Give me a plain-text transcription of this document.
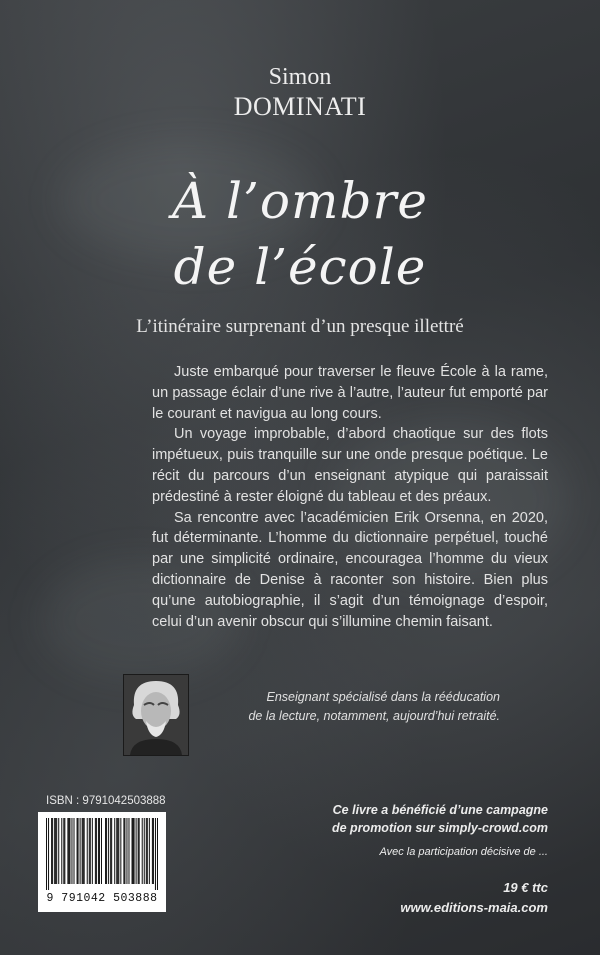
Simon
DOMINATI
À l’ombre
de l’école
L’itinéraire surprenant d’un presque illettré

Juste embarqué pour traverser le fleuve École à la rame, un passage éclair d’une rive à l’autre, l’auteur fut emporté par le courant et navigua au long cours.

Un voyage improbable, d’abord chaotique sur des flots impétueux, puis tranquille sur une onde presque poétique. Le récit du parcours d’un enseignant atypique qui paraissait prédestiné à rester éloigné du tableau et des préaux.

Sa rencontre avec l’académicien Erik Orsenna, en 2020, fut déterminante. L’homme du dictionnaire perpétuel, touché par une simplicité ordinaire, encouragea l’homme du vieux dictionnaire de Denise à raconter son histoire. Bien plus qu’une autobiographie, il s’agit d’un témoignage d’espoir, celui d’un avenir obscur qui s’illumine chemin faisant.

Enseignant spécialisé dans la rééducation
de la lecture, notamment, aujourd’hui retraité.
ISBN : 9791042503888
9 791042 503888
Ce livre a bénéficié d’une campagne
de promotion sur simply-crowd.com
Avec la participation décisive de ...
19 € ttc
www.editions-maia.com
